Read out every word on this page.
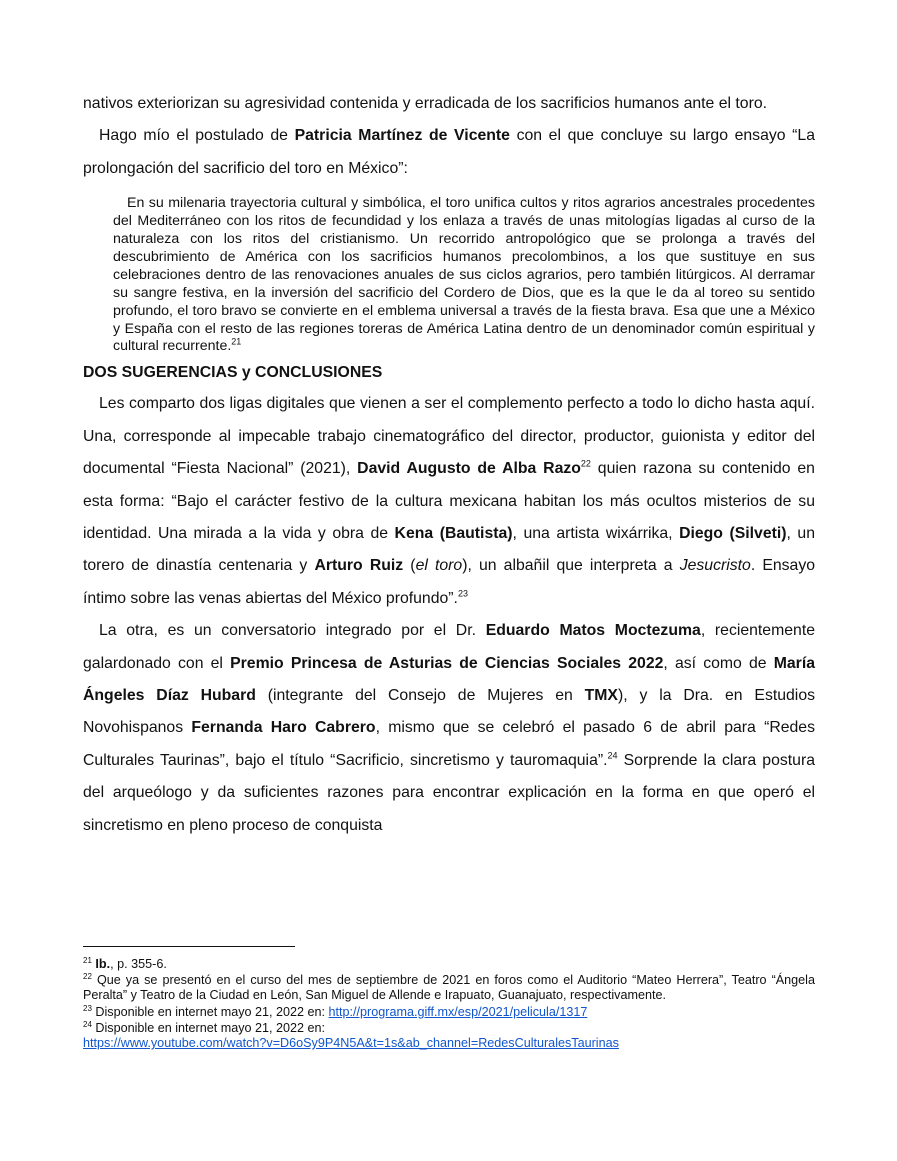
nativos exteriorizan su agresividad contenida y erradicada de los sacrificios humanos ante el toro.

Hago mío el postulado de Patricia Martínez de Vicente con el que concluye su largo ensayo “La prolongación del sacrificio del toro en México”:

En su milenaria trayectoria cultural y simbólica, el toro unifica cultos y ritos agrarios ancestrales procedentes del Mediterráneo con los ritos de fecundidad y los enlaza a través de unas mitologías ligadas al curso de la naturaleza con los ritos del cristianismo. Un recorrido antropológico que se prolonga a través del descubrimiento de América con los sacrificios humanos precolombinos, a los que sustituye en sus celebraciones dentro de las renovaciones anuales de sus ciclos agrarios, pero también litúrgicos. Al derramar su sangre festiva, en la inversión del sacrificio del Cordero de Dios, que es la que le da al toreo su sentido profundo, el toro bravo se convierte en el emblema universal a través de la fiesta brava. Esa que une a México y España con el resto de las regiones toreras de América Latina dentro de un denominador común espiritual y cultural recurrente.$^{21}$

DOS SUGERENCIAS y CONCLUSIONES

Les comparto dos ligas digitales que vienen a ser el complemento perfecto a todo lo dicho hasta aquí. Una, corresponde al impecable trabajo cinematográfico del director, productor, guionista y editor del documental “Fiesta Nacional” (2021), David Augusto de Alba Razo$^{22}$ quien razona su contenido en esta forma: “Bajo el carácter festivo de la cultura mexicana habitan los más ocultos misterios de su identidad. Una mirada a la vida y obra de Kena (Bautista), una artista wixárrika, Diego (Silveti), un torero de dinastía centenaria y Arturo Ruiz (el toro), un albañil que interpreta a Jesucristo. Ensayo íntimo sobre las venas abiertas del México profundo”.$^{23}$

La otra, es un conversatorio integrado por el Dr. Eduardo Matos Moctezuma, recientemente galardonado con el Premio Princesa de Asturias de Ciencias Sociales 2022, así como de María Ángeles Díaz Hubard (integrante del Consejo de Mujeres en TMX), y la Dra. en Estudios Novohispanos Fernanda Haro Cabrero, mismo que se celebró el pasado 6 de abril para “Redes Culturales Taurinas”, bajo el título “Sacrificio, sincretismo y tauromaquia”.$^{24}$ Sorprende la clara postura del arqueólogo y da suficientes razones para encontrar explicación en la forma en que operó el sincretismo en pleno proceso de conquista

$^{21}$ Ib., p. 355-6.
$^{22}$ Que ya se presentó en el curso del mes de septiembre de 2021 en foros como el Auditorio “Mateo Herrera”, Teatro “Ángela Peralta” y Teatro de la Ciudad en León, San Miguel de Allende e Irapuato, Guanajuato, respectivamente.
$^{23}$ Disponible en internet mayo 21, 2022 en: http://programa.giff.mx/esp/2021/pelicula/1317
$^{24}$ Disponible en internet mayo 21, 2022 en:
https://www.youtube.com/watch?v=D6oSy9P4N5A&t=1s&ab_channel=RedesCulturalesTaurinas
